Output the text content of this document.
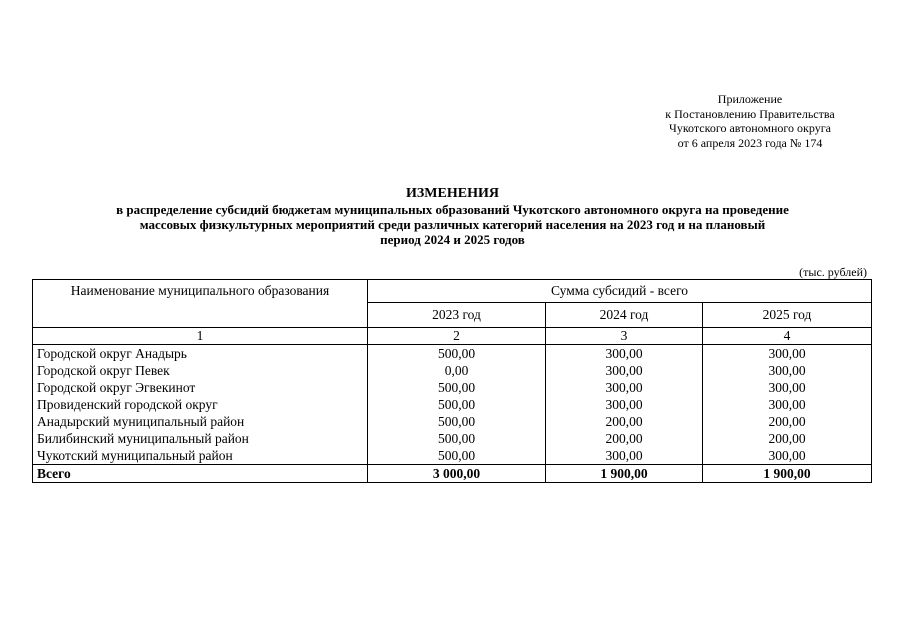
Приложение
к Постановлению Правительства
Чукотского автономного округа
от 6 апреля 2023 года № 174
ИЗМЕНЕНИЯ
в распределение субсидий бюджетам муниципальных образований Чукотского автономного округа на проведение
массовых физкультурных мероприятий среди различных категорий населения на 2023 год и на плановый
период 2024 и 2025 годов
(тыс. рублей)
Наименование муниципального образования	Сумма субсидий - всего		
	2023 год	2024 год	2025 год
1	2	3	4
Городской округ Анадырь	500,00	300,00	300,00
Городской округ Певек	0,00	300,00	300,00
Городской округ Эгвекинот	500,00	300,00	300,00
Провиденский городской округ	500,00	300,00	300,00
Анадырский муниципальный район	500,00	200,00	200,00
Билибинский муниципальный район	500,00	200,00	200,00
Чукотский муниципальный район	500,00	300,00	300,00
Всего	3 000,00	1 900,00	1 900,00
